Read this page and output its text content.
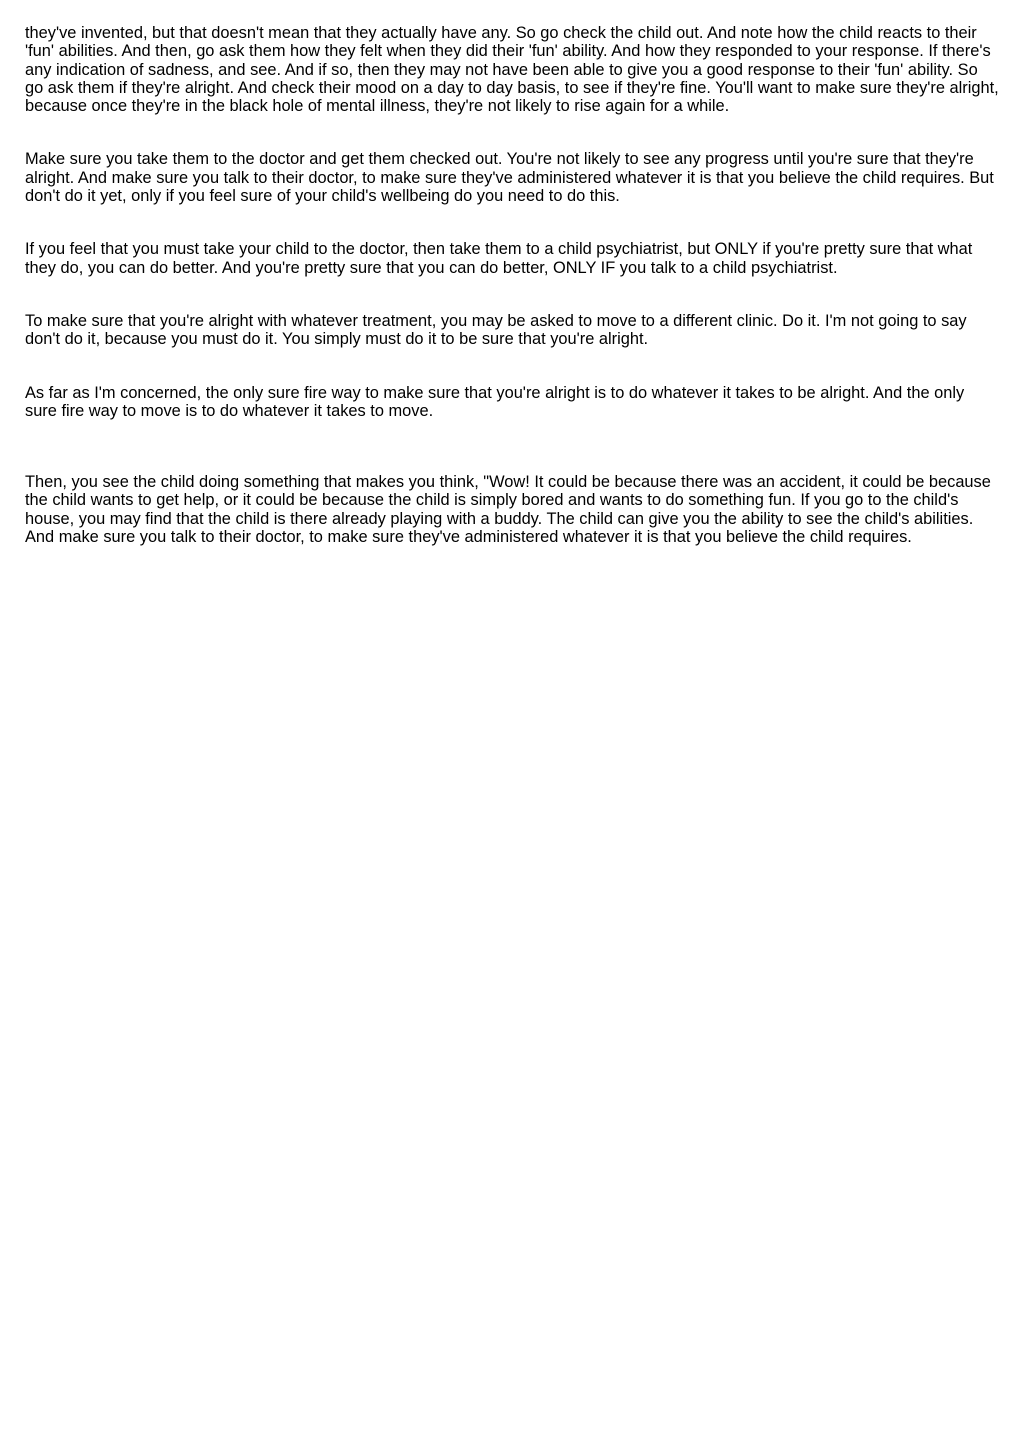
they've invented, but that doesn't mean that they actually have any. So go check the child out. And note how the child reacts to their 'fun' abilities. And then, go ask them how they felt when they did their 'fun' ability. And how they responded to your response. If there's any indication of sadness, and see. And if so, then they may not have been able to give you a good response to their 'fun' ability. So go ask them if they're alright. And check their mood on a day to day basis, to see if they're fine. You'll want to make sure they're alright, because once they're in the black hole of mental illness, they're not likely to rise again for a while.

Make sure you take them to the doctor and get them checked out. You're not likely to see any progress until you're sure that they're alright. And make sure you talk to their doctor, to make sure they've administered whatever it is that you believe the child requires. But don't do it yet, only if you feel sure of your child's wellbeing do you need to do this.

If you feel that you must take your child to the doctor, then take them to a child psychiatrist, but ONLY if you're pretty sure that what they do, you can do better. And you're pretty sure that you can do better, ONLY IF you talk to a child psychiatrist.

To make sure that you're alright with whatever treatment, you may be asked to move to a different clinic. Do it. I'm not going to say don't do it, because you must do it. You simply must do it to be sure that you're alright.

As far as I'm concerned, the only sure fire way to make sure that you're alright is to do whatever it takes to be alright. And the only sure fire way to move is to do whatever it takes to move.

Then, you see the child doing something that makes you think, "Wow! It could be because there was an accident, it could be because the child wants to get help, or it could be because the child is simply bored and wants to do something fun. If you go to the child's house, you may find that the child is there already playing with a buddy. The child can give you the ability to see the child's abilities. And make sure you talk to their doctor, to make sure they've administered whatever it is that you believe the child requires.
